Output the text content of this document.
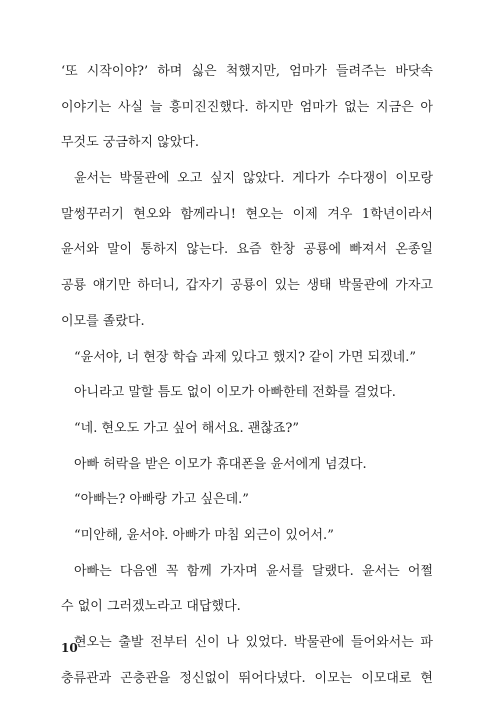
‘또 시작이야?’ 하며 싫은 척했지만, 엄마가 들려주는 바닷속
이야기는 사실 늘 흥미진진했다. 하지만 엄마가 없는 지금은 아
무것도 궁금하지 않았다.
윤서는 박물관에 오고 싶지 않았다. 게다가 수다쟁이 이모랑
말썽꾸러기 현오와 함께라니! 현오는 이제 겨우 1학년이라서
윤서와 말이 통하지 않는다. 요즘 한창 공룡에 빠져서 온종일
공룡 얘기만 하더니, 갑자기 공룡이 있는 생태 박물관에 가자고
이모를 졸랐다.
“윤서야, 너 현장 학습 과제 있다고 했지? 같이 가면 되겠네.”
아니라고 말할 틈도 없이 이모가 아빠한테 전화를 걸었다.
“네. 현오도 가고 싶어 해서요. 괜찮죠?”
아빠 허락을 받은 이모가 휴대폰을 윤서에게 넘겼다.
“아빠는? 아빠랑 가고 싶은데.”
“미안해, 윤서야. 아빠가 마침 외근이 있어서.”
아빠는 다음엔 꼭 함께 가자며 윤서를 달랬다. 윤서는 어쩔
수 없이 그러겠노라고 대답했다.
현오는 출발 전부터 신이 나 있었다. 박물관에 들어와서는 파
충류관과 곤충관을 정신없이 뛰어다녔다. 이모는 이모대로 현

10
